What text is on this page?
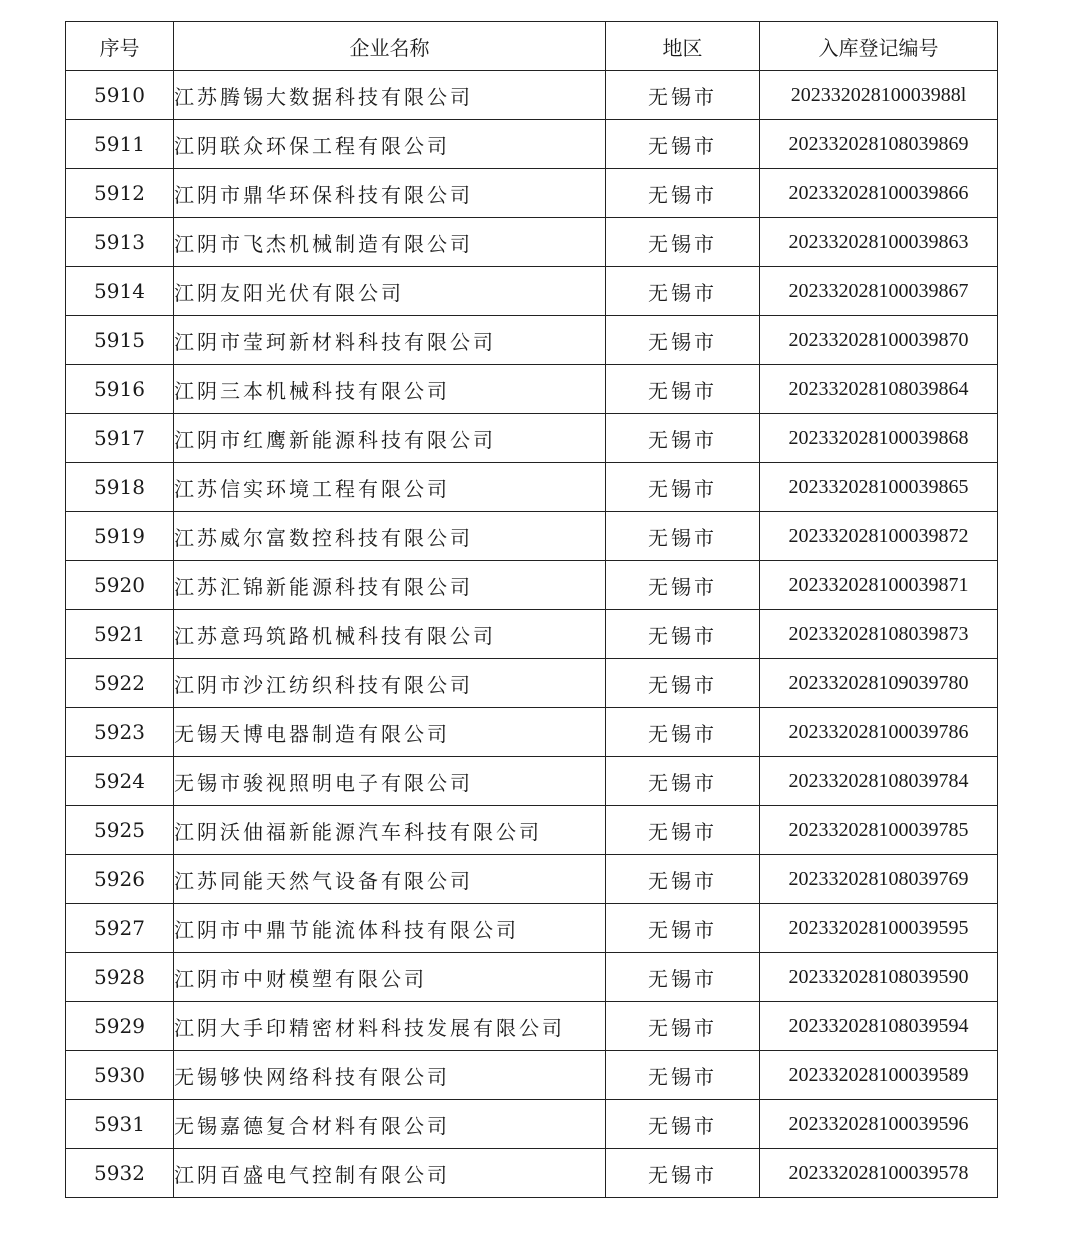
序号	企业名称	地区	入库登记编号
5910	江苏腾锡大数据科技有限公司	无锡市	20233202810003988l
5911	江阴联众环保工程有限公司	无锡市	20233202810803986​9
5912	江阴市鼎华环保科技有限公司	无锡市	202332028100039866
5913	江阴市飞杰机械制造有限公司	无锡市	202332028100039863
5914	江阴友阳光伏有限公司	无锡市	202332028100039867
5915	江阴市莹珂新材料科技有限公司	无锡市	202332028100039870
5916	江阴三本机械科技有限公司	无锡市	202332028108039864
5917	江阴市红鹰新能源科技有限公司	无锡市	202332028100039868
5918	江苏信实环境工程有限公司	无锡市	202332028100039865
5919	江苏威尔富数控科技有限公司	无锡市	202332028100039872
5920	江苏汇锦新能源科技有限公司	无锡市	202332028100039871
5921	江苏意玛筑路机械科技有限公司	无锡市	202332028108039873
5922	江阴市沙江纺织科技有限公司	无锡市	202332028109039780
5923	无锡天博电器制造有限公司	无锡市	202332028100039786
5924	无锡市骏视照明电子有限公司	无锡市	202332028108039784
5925	江阴沃伷福新能源汽车科技有限公司	无锡市	202332028100039785
5926	江苏同能天然气设备有限公司	无锡市	202332028108039769
5927	江阴市中鼎节能流体科技有限公司	无锡市	202332028100039595
5928	江阴市中财模塑有限公司	无锡市	202332028108039590
5929	江阴大手印精密材料科技发展有限公司	无锡市	202332028108039594
5930	无锡够快网络科技有限公司	无锡市	202332028100039589
5931	无锡嘉德复合材料有限公司	无锡市	202332028100039596
5932	江阴百盛电气控制有限公司	无锡市	202332028100039578
